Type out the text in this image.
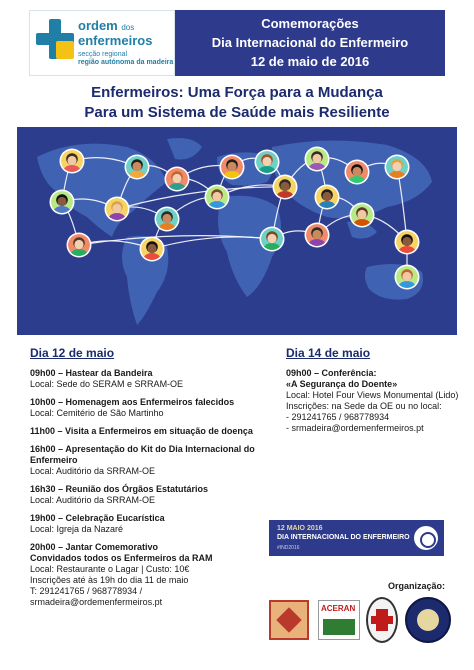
ordem dos
enfermeiros
secção regional
região autónoma da madeira
Comemorações
Dia Internacional do Enfermeiro
12 de maio de 2016
Enfermeiros: Uma Força para a Mudança
Para um Sistema de Saúde mais Resiliente
Dia 12 de maio
09h00 – Hastear da Bandeira
Local: Sede do SERAM e SRRAM-OE
10h00 – Homenagem aos Enfermeiros falecidos
Local: Cemitério de São Martinho
11h00 – Visita a Enfermeiros em situação de doença
16h00 – Apresentação do Kit do Dia Internacional do Enfermeiro
Local: Auditório da SRRAM-OE
16h30 – Reunião dos Órgãos Estatutários
Local: Auditório da SRRAM-OE
19h00 – Celebração Eucarística
Local: Igreja da Nazaré
20h00 – Jantar Comemorativo
Convidados todos os Enfermeiros da RAM
Local: Restaurante o Lagar | Custo: 10€
Inscrições até às 19h do dia 11 de maio
T: 291241765 / 968778934 /
srmadeira@ordemenfermeiros.pt
Dia 14 de maio
09h00 – Conferência:
«A Segurança do Doente»
Local: Hotel Four Views Monumental (Lido)
Inscrições: na Sede da OE ou no local:
- 291241765 / 968778934
- srmadeira@ordemenfermeiros.pt
12 MAIO 2016
DIA INTERNACIONAL DO ENFERMEIRO
#IND2016
Organização:
ACERAN
